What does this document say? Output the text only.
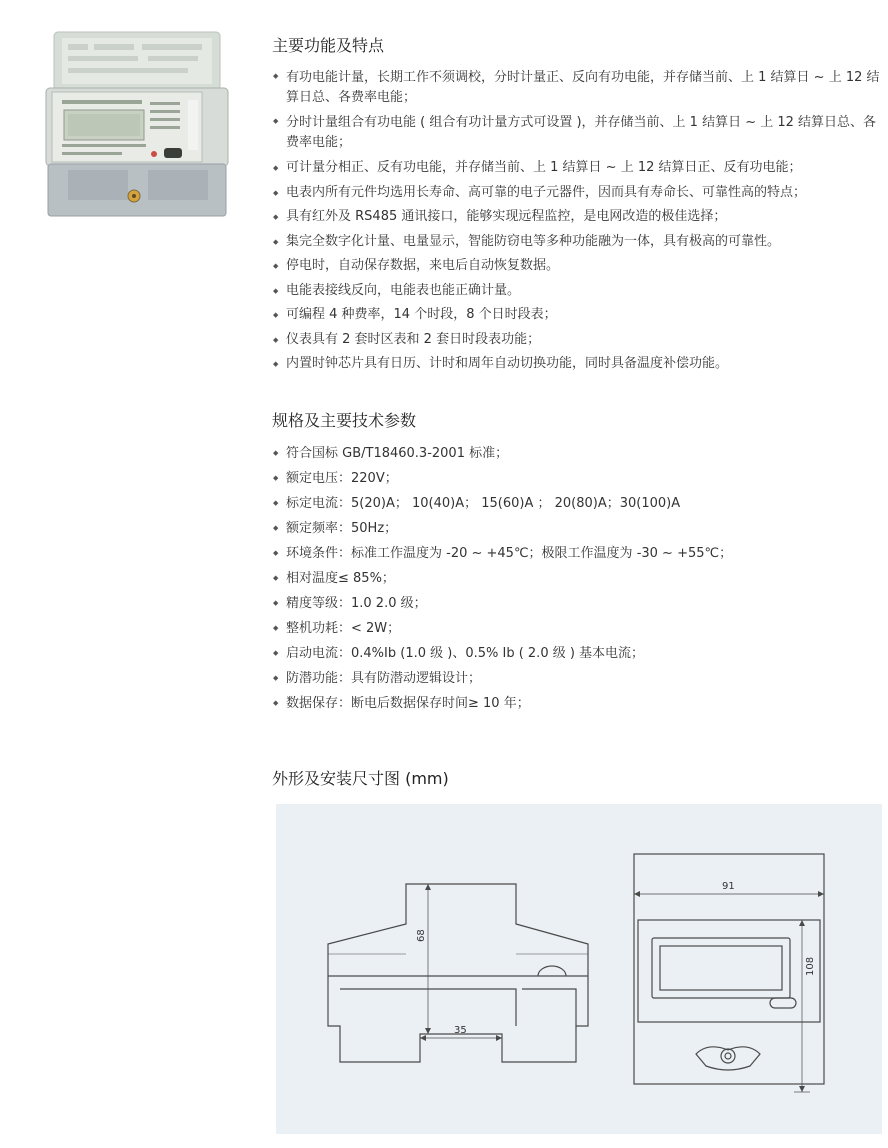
主要功能及特点
◆ 有功电能计量，长期工作不须调校，分时计量正、反向有功电能，并存储当前、上 1 结算日 ~ 上 12 结算日总、各费率电能；
◆ 分时计量组合有功电能 ( 组合有功计量方式可设置 )，并存储当前、上 1 结算日 ~ 上 12 结算日总、各费率电能；
◆ 可计量分相正、反有功电能，并存储当前、上 1 结算日 ~ 上 12 结算日正、反有功电能；
◆ 电表内所有元件均选用长寿命、高可靠的电子元器件，因而具有寿命长、可靠性高的特点；
◆ 具有红外及 RS485 通讯接口，能够实现远程监控，是电网改造的极佳选择；
◆ 集完全数字化计量、电量显示，智能防窃电等多种功能融为一体，具有极高的可靠性。
◆ 停电时，自动保存数据，来电后自动恢复数据。
◆ 电能表接线反向，电能表也能正确计量。
◆ 可编程 4 种费率，14 个时段，8 个日时段表；
◆ 仪表具有 2 套时区表和 2 套日时段表功能；
◆ 内置时钟芯片具有日历、计时和周年自动切换功能，同时具备温度补偿功能。
规格及主要技术参数
◆ 符合国标 GB/T18460.3-2001 标准；
◆ 额定电压：220V；
◆ 标定电流：5(20)A； 10(40)A； 15(60)A ； 20(80)A；30(100)A
◆ 额定频率：50Hz；
◆ 环境条件：标准工作温度为 -20 ~ +45℃；极限工作温度为 -30 ~ +55℃；
◆ 相对温度≤ 85%；
◆ 精度等级：1.0 2.0 级；
◆ 整机功耗：< 2W；
◆ 启动电流：0.4%Ib (1.0 级 )、0.5% Ib ( 2.0 级 ) 基本电流；
◆ 防潜功能：具有防潜动逻辑设计；
◆ 数据保存：断电后数据保存时间≥ 10 年；
外形及安装尺寸图 (mm)
68
35
91
108
